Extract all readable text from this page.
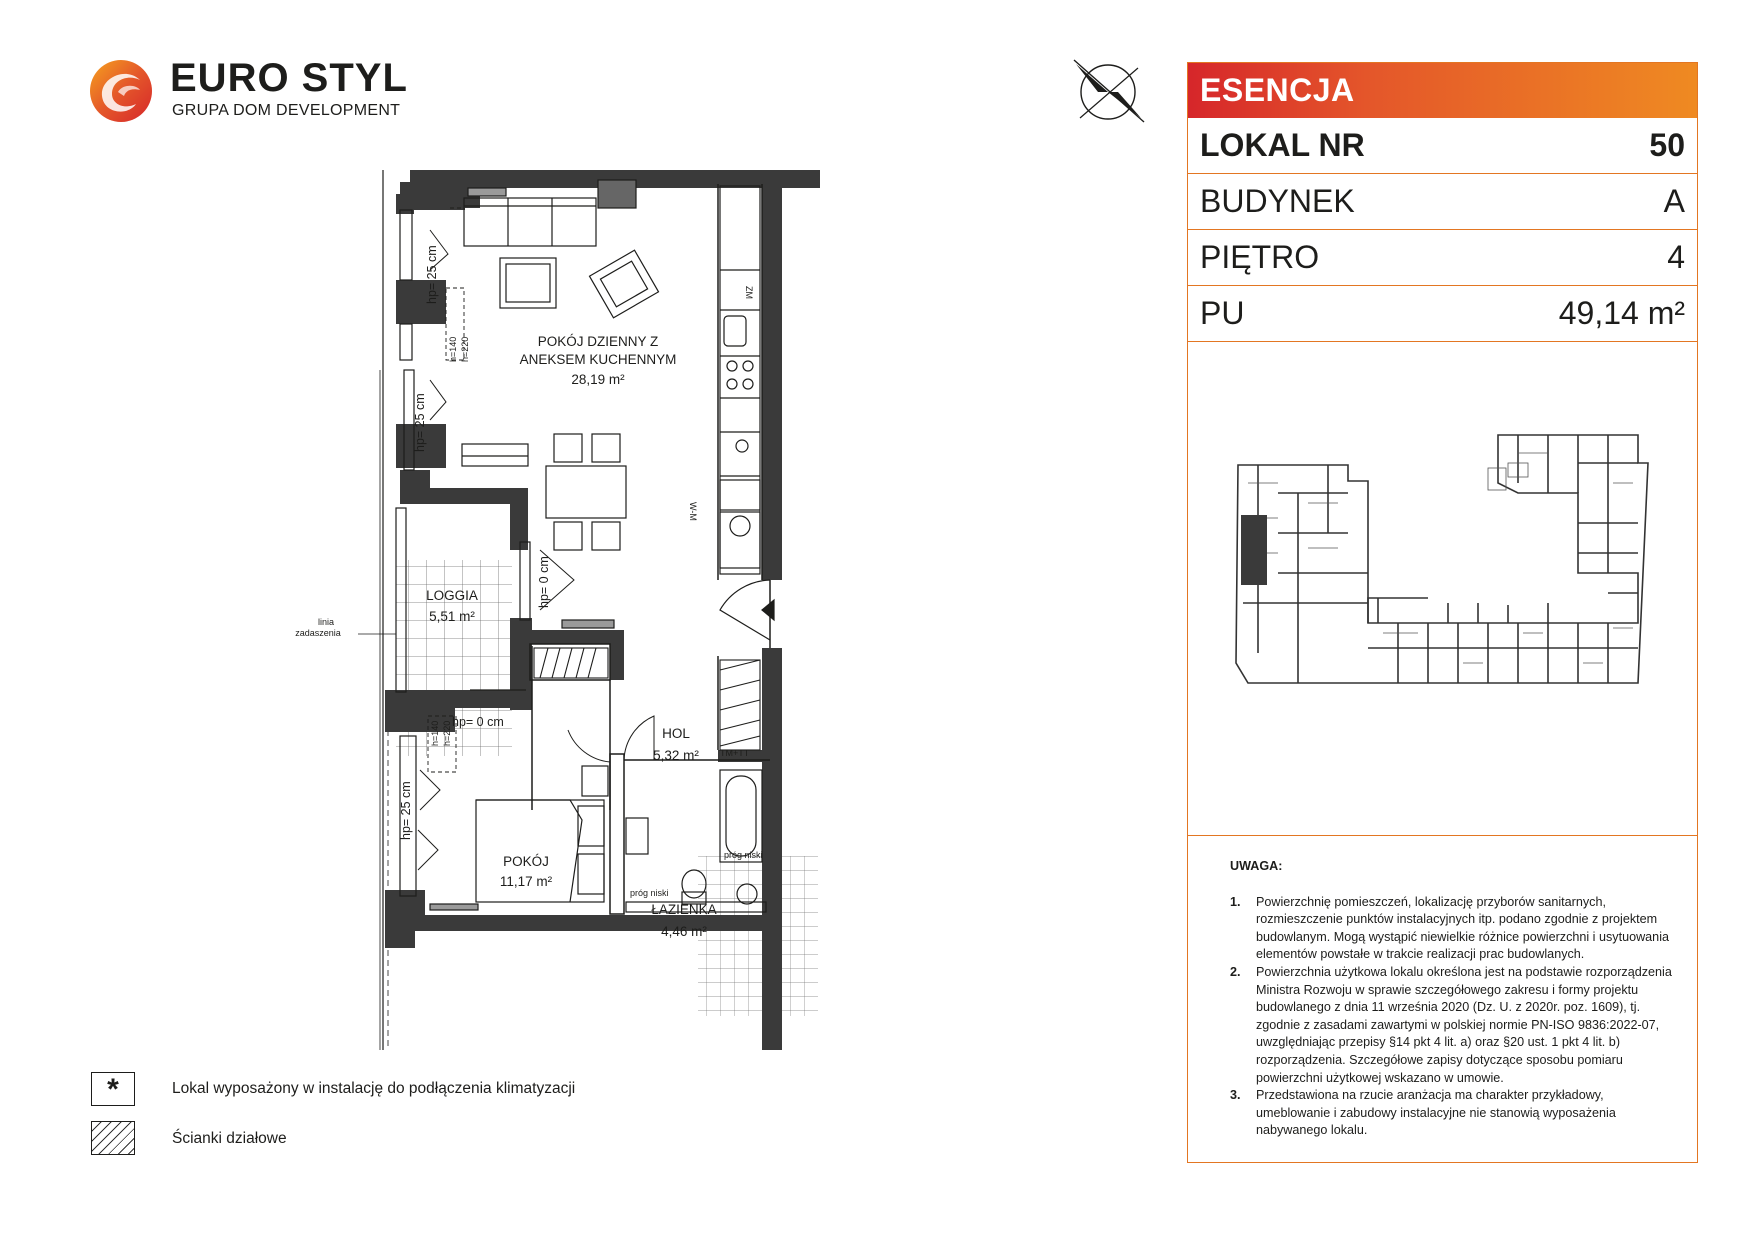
EURO STYL
GRUPA DOM DEVELOPMENT
ESENCJA
LOKAL NR	50
BUDYNEK	A
PIĘTRO	4
PU	49,14 m²
UWAGA:
1. Powierzchnię pomieszczeń, lokalizację przyborów sanitarnych, rozmieszczenie punktów instalacyjnych itp. podano zgodnie z projektem budowlanym. Mogą wystąpić niewielkie różnice powierzchni i usytuowania elementów powstałe w trakcie realizacji prac budowlanych.
2. Powierzchnia użytkowa lokalu określona jest na podstawie rozporządzenia Ministra Rozwoju w sprawie szczegółowego zakresu i formy projektu budowlanego z dnia 11 września 2020 (Dz. U. z 2020r. poz. 1609), tj. zgodnie z zasadami zawartymi w polskiej normie PN-ISO 9836:2022-07, uwzględniając przepisy §14 pkt 4 lit. a) oraz §20 ust. 1 pkt 4 lit. b) rozporządzenia. Szczegółowe zapisy dotyczące sposobu pomiaru powierzchni użytkowej wskazano w umowie.
3. Przedstawiona na rzucie aranżacja ma charakter przykładowy, umeblowanie i zabudowy instalacyjne nie stanowią wyposażenia nabywanego lokalu.
POKÓJ DZIENNY Z
ANEKSEM KUCHENNYM
28,19 m²
LOGGIA
5,51 m²
HOL
5,32 m²
POKÓJ
11,17 m²
ŁAZIENKA
4,46 m²
hp= 25 cm
hp= 25 cm
hp= 0 cm
hp= 0 cm
hp= 25 cm
h=140 h=220
h=140 h=220
linia
zadaszenia
próg niski
próg niski
TM+TT
ZM
W-M
*	Lokal wyposażony w instalację do podłączenia klimatyzacji
Ścianki działowe
